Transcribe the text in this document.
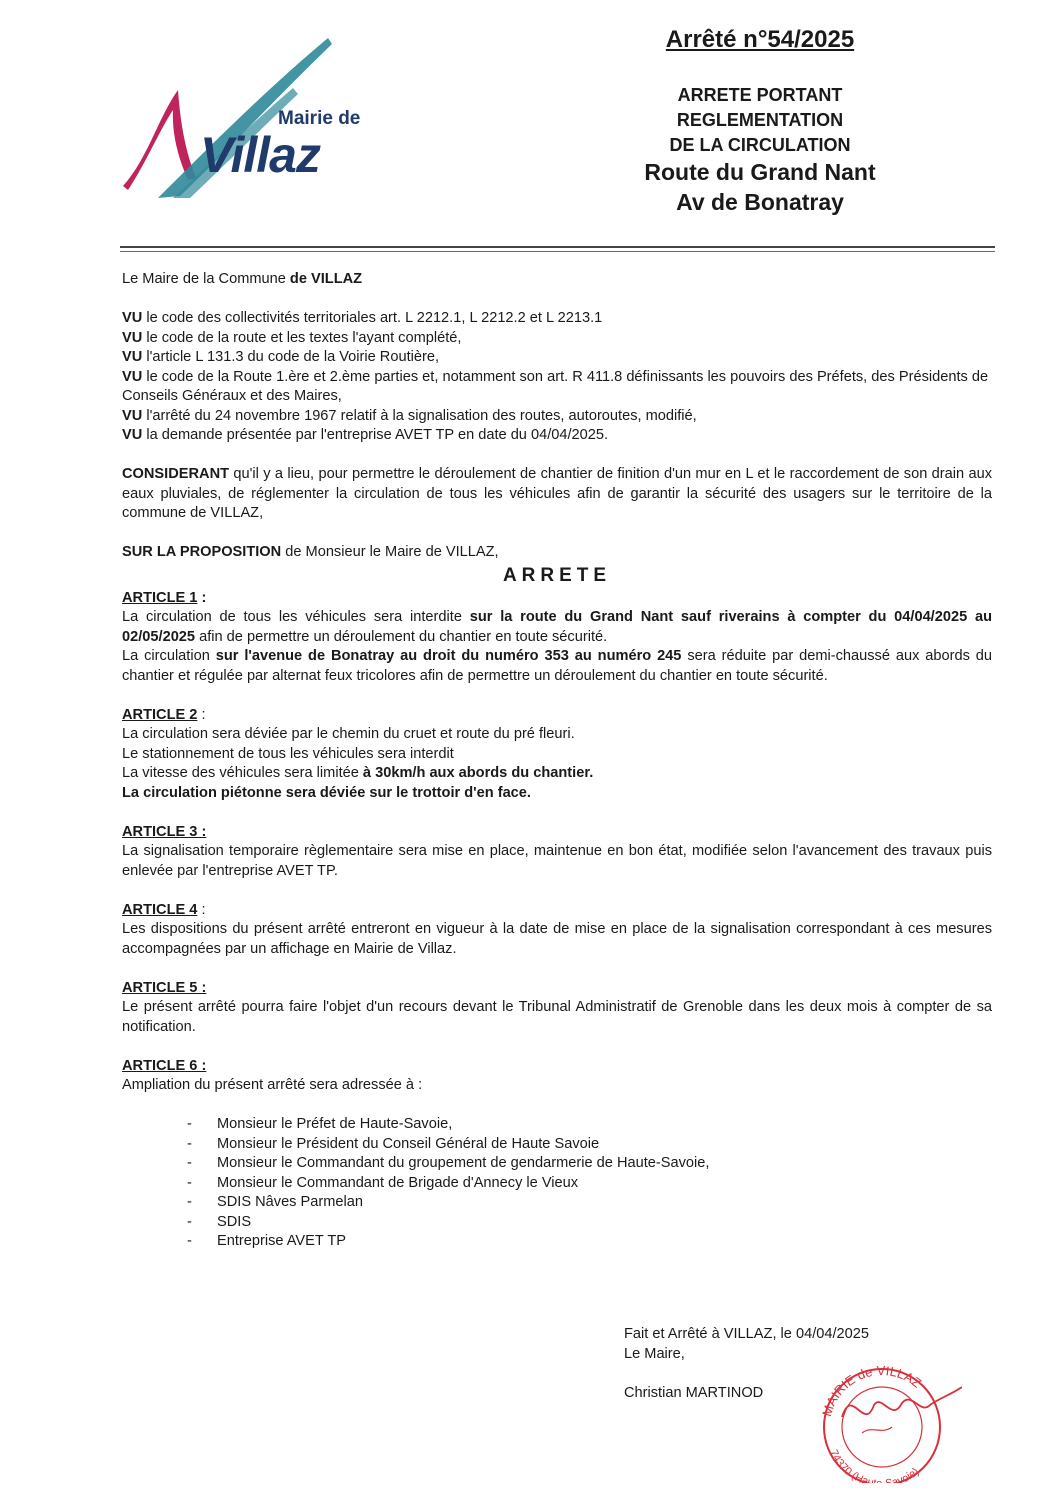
Mairie de
Villaz
Arrêté n°54/2025
ARRETE PORTANT
REGLEMENTATION
DE LA CIRCULATION
Route du Grand Nant
Av de Bonatray

Le Maire de la Commune de VILLAZ

VU le code des collectivités territoriales art. L 2212.1, L 2212.2 et L 2213.1

VU le code de la route et les textes l'ayant complété,

VU l'article L 131.3 du code de la Voirie Routière,

VU le code de la Route 1.ère et 2.ème parties et, notamment son art. R 411.8 définissants les pouvoirs des Préfets, des Présidents de Conseils Généraux et des Maires,

VU l'arrêté du 24 novembre 1967 relatif à la signalisation des routes, autoroutes, modifié,

VU la demande présentée par l'entreprise AVET TP en date du 04/04/2025.

CONSIDERANT qu'il y a lieu, pour permettre le déroulement de chantier de finition d'un mur en L et le raccordement de son drain aux eaux pluviales, de réglementer la circulation de tous les véhicules afin de garantir la sécurité des usagers sur le territoire de la commune de VILLAZ,

SUR LA PROPOSITION de Monsieur le Maire de VILLAZ,

ARRETE

ARTICLE 1 :

La circulation de tous les véhicules sera interdite sur la route du Grand Nant sauf riverains à compter du 04/04/2025 au 02/05/2025 afin de permettre un déroulement du chantier en toute sécurité.

La circulation sur l'avenue de Bonatray au droit du numéro 353 au numéro 245 sera réduite par demi-chaussé aux abords du chantier et régulée par alternat feux tricolores afin de permettre un déroulement du chantier en toute sécurité.

ARTICLE 2 :

La circulation sera déviée par le chemin du cruet et route du pré fleuri.

Le stationnement de tous les véhicules sera interdit

La vitesse des véhicules sera limitée à 30km/h aux abords du chantier.

La circulation piétonne sera déviée sur le trottoir d'en face.

ARTICLE 3 :

La signalisation temporaire règlementaire sera mise en place, maintenue en bon état, modifiée selon l'avancement des travaux puis enlevée par l'entreprise AVET TP.

ARTICLE 4 :

Les dispositions du présent arrêté entreront en vigueur à la date de mise en place de la signalisation correspondant à ces mesures accompagnées par un affichage en Mairie de Villaz.

ARTICLE 5 :

Le présent arrêté pourra faire l'objet d'un recours devant le Tribunal Administratif de Grenoble dans les deux mois à compter de sa notification.

ARTICLE 6 :

Ampliation du présent arrêté sera adressée à :

- Monsieur le Préfet de Haute-Savoie,
- Monsieur le Président du Conseil Général de Haute Savoie
- Monsieur le Commandant du groupement de gendarmerie de Haute-Savoie,
- Monsieur le Commandant de Brigade d'Annecy le Vieux
- SDIS Nâves Parmelan
- SDIS
- Entreprise AVET TP
Fait et Arrêté à VILLAZ, le 04/04/2025
Le Maire,
Christian MARTINOD
MAIRIE de VILLAZ
74370 (Hau avoie)
